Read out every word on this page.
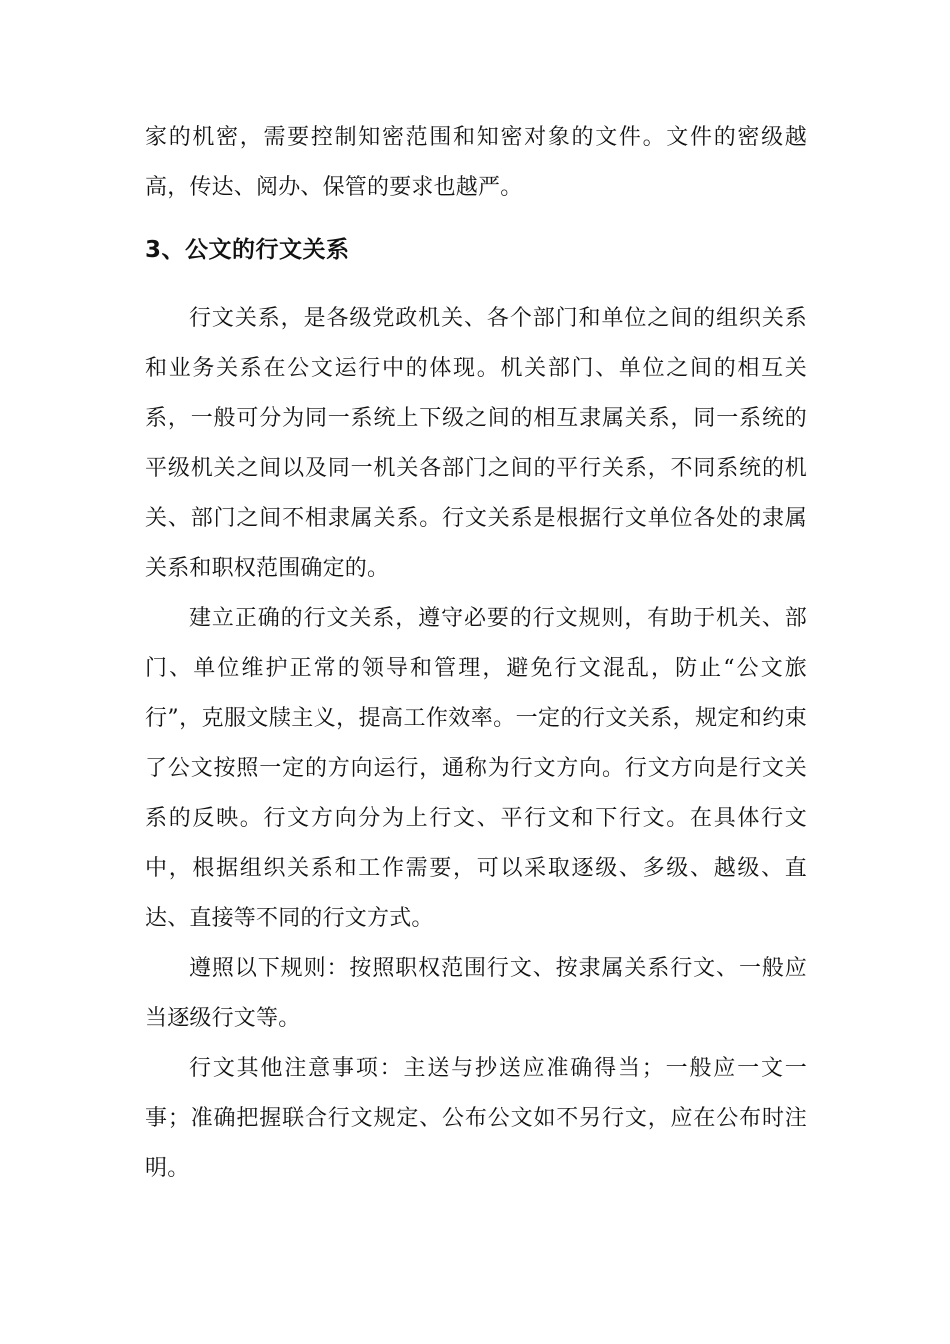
家的机密，需要控制知密范围和知密对象的文件。文件的密级越高，传达、阅办、保管的要求也越严。

3、公文的行文关系

行文关系，是各级党政机关、各个部门和单位之间的组织关系和业务关系在公文运行中的体现。机关部门、单位之间的相互关系，一般可分为同一系统上下级之间的相互隶属关系，同一系统的平级机关之间以及同一机关各部门之间的平行关系，不同系统的机关、部门之间不相隶属关系。行文关系是根据行文单位各处的隶属关系和职权范围确定的。

建立正确的行文关系，遵守必要的行文规则，有助于机关、部门、单位维护正常的领导和管理，避免行文混乱，防止“公文旅行”，克服文牍主义，提高工作效率。一定的行文关系，规定和约束了公文按照一定的方向运行，通称为行文方向。行文方向是行文关系的反映。行文方向分为上行文、平行文和下行文。在具体行文中，根据组织关系和工作需要，可以采取逐级、多级、越级、直达、直接等不同的行文方式。

遵照以下规则：按照职权范围行文、按隶属关系行文、一般应当逐级行文等。

行文其他注意事项：主送与抄送应准确得当；一般应一文一事；准确把握联合行文规定、公布公文如不另行文，应在公布时注明。
